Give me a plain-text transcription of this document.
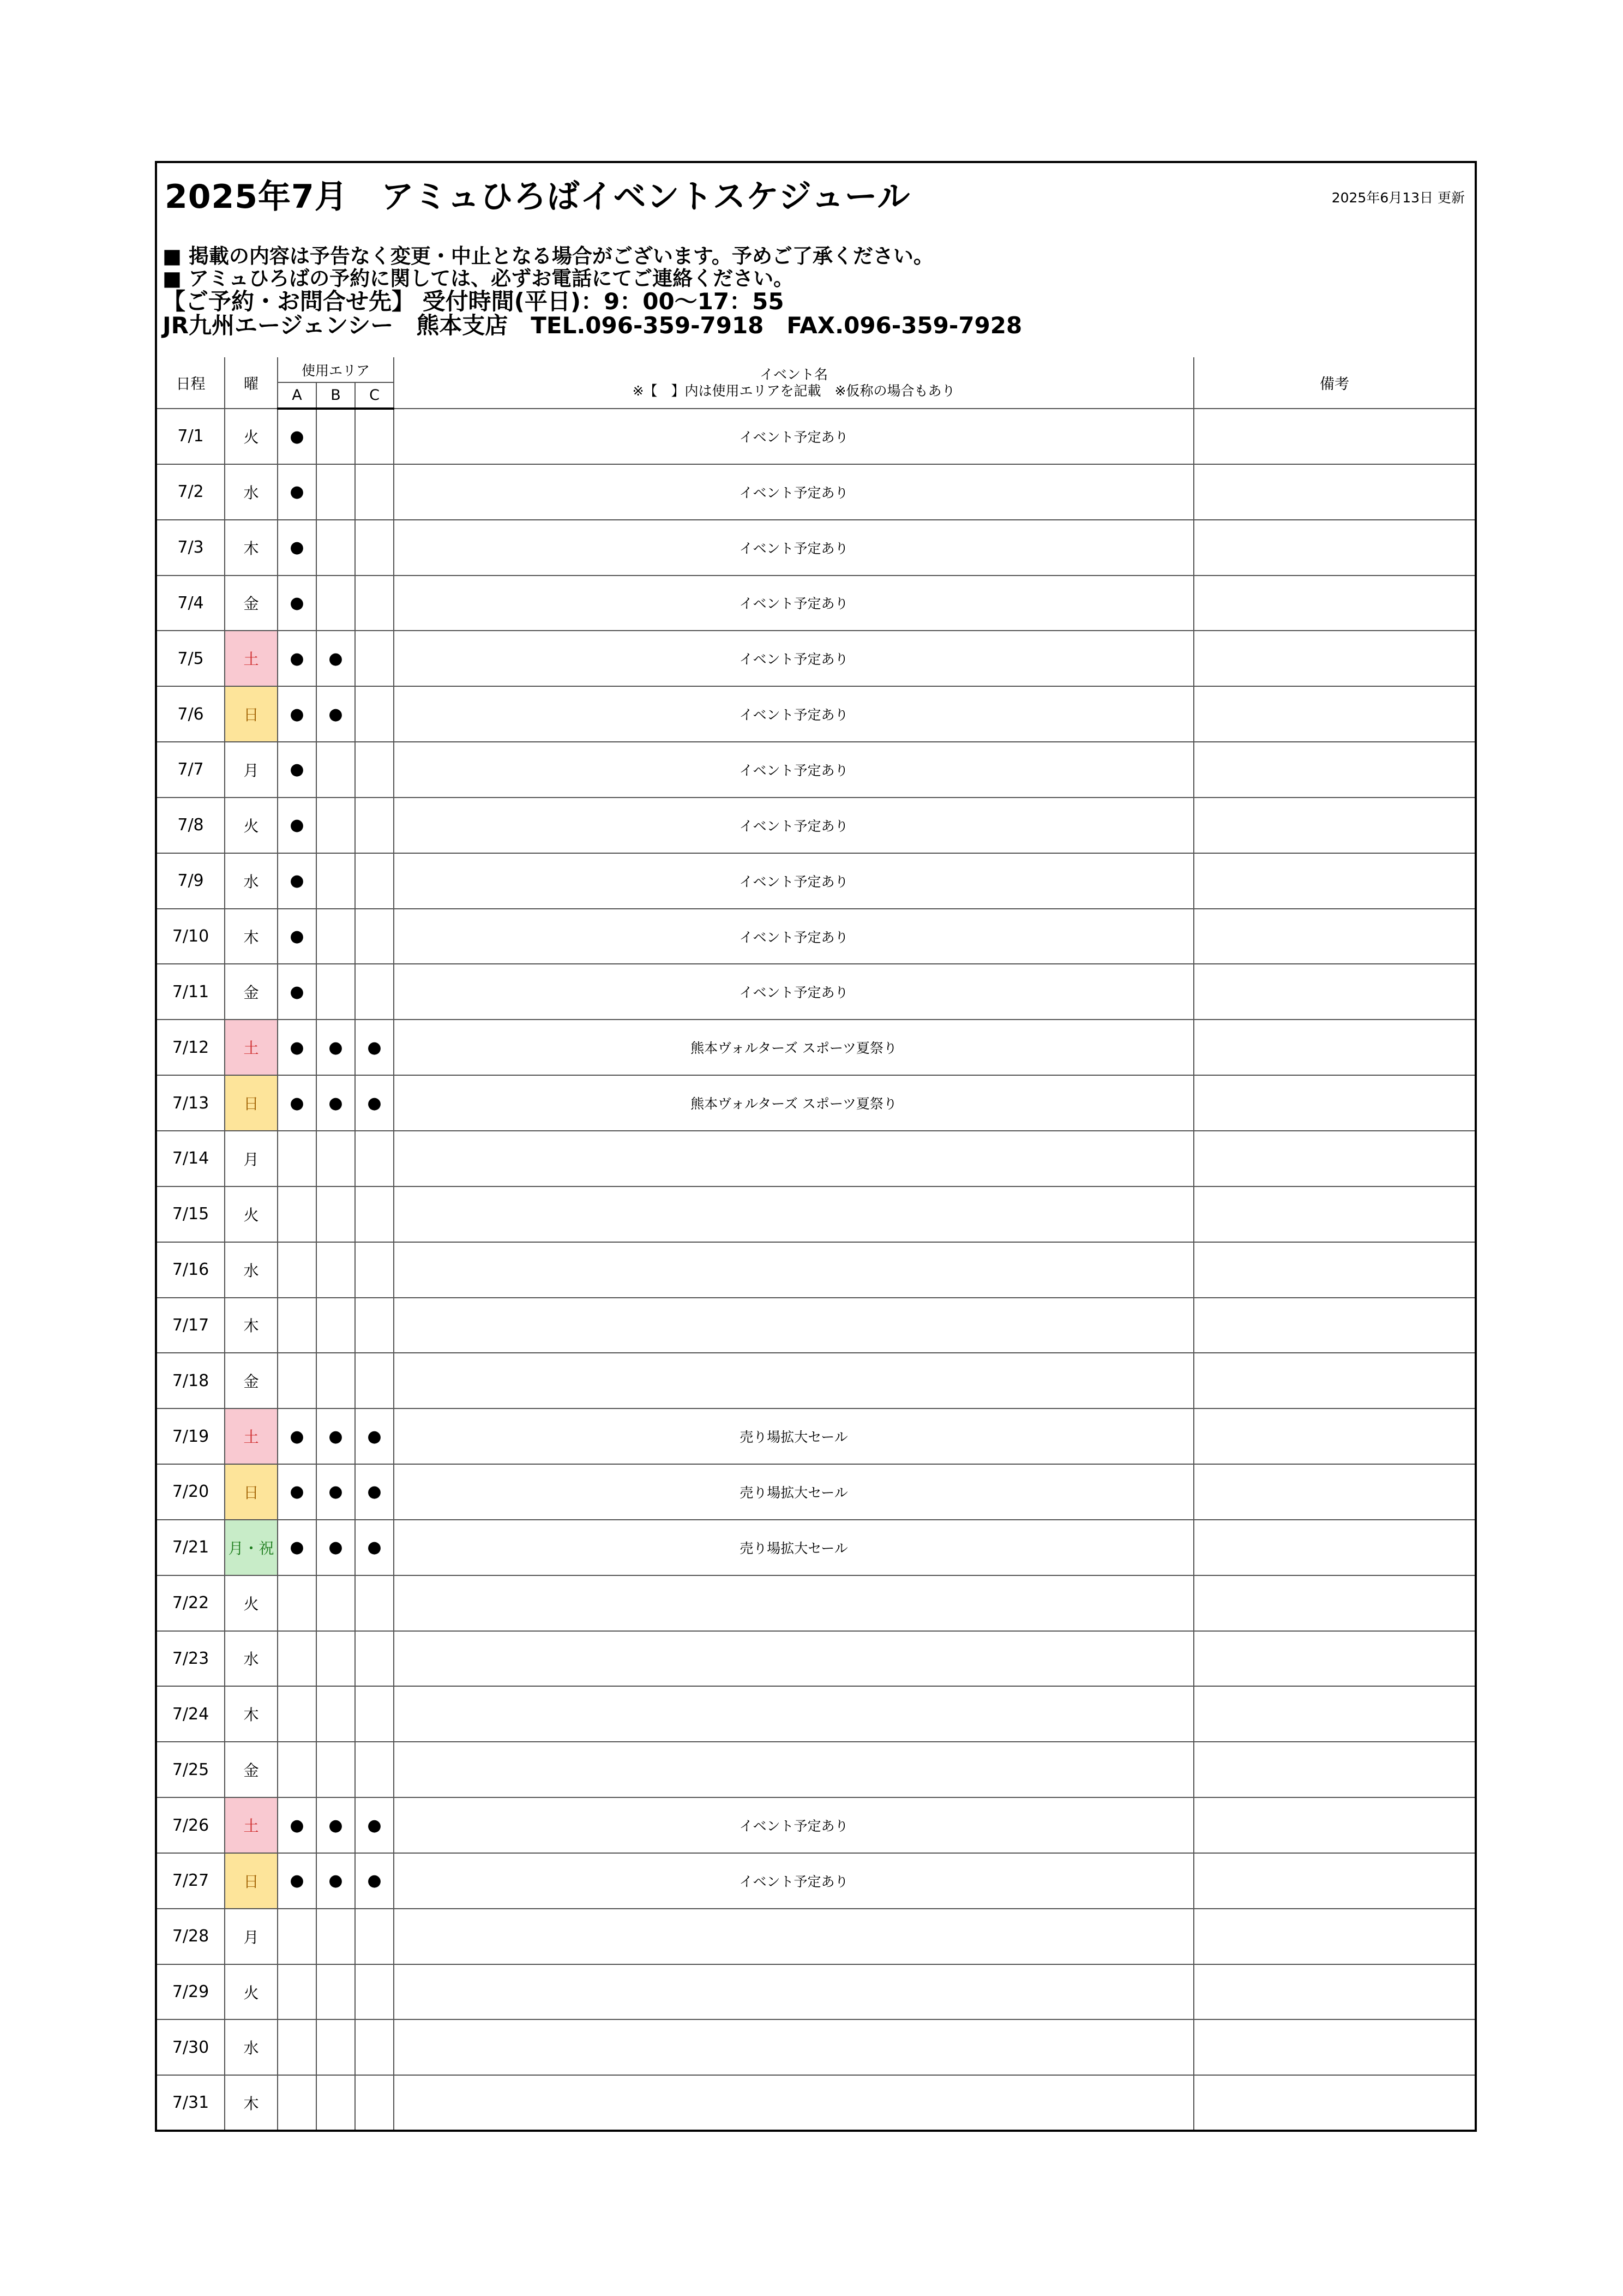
2025年7月　アミュひろばイベントスケジュール	2025年6月13日 更新
■ 掲載の内容は予告なく変更・中止となる場合がございます。予めご了承ください。
■ アミュひろばの予約に関しては、必ずお電話にてご連絡ください。
【ご予約・お問合せ先】 受付時間(平日)：9：00～17：55
JR九州エージェンシー　熊本支店　TEL.096-359-7918　FAX.096-359-7928
日程	曜	使用エリア			イベント名
※【　】内は使用エリアを記載　※仮称の場合もあり	備考
		A	B	C		
7/1	火	●			イベント予定あり	
7/2	水	●			イベント予定あり	
7/3	木	●			イベント予定あり	
7/4	金	●			イベント予定あり	
7/5	土	●	●		イベント予定あり	
7/6	日	●	●		イベント予定あり	
7/7	月	●			イベント予定あり	
7/8	火	●			イベント予定あり	
7/9	水	●			イベント予定あり	
7/10	木	●			イベント予定あり	
7/11	金	●			イベント予定あり	
7/12	土	●	●	●	熊本ヴォルターズ スポーツ夏祭り	
7/13	日	●	●	●	熊本ヴォルターズ スポーツ夏祭り	
7/14	月					
7/15	火					
7/16	水					
7/17	木					
7/18	金					
7/19	土	●	●	●	売り場拡大セール	
7/20	日	●	●	●	売り場拡大セール	
7/21	月・祝	●	●	●	売り場拡大セール	
7/22	火					
7/23	水					
7/24	木					
7/25	金					
7/26	土	●	●	●	イベント予定あり	
7/27	日	●	●	●	イベント予定あり	
7/28	月					
7/29	火					
7/30	水					
7/31	木					
